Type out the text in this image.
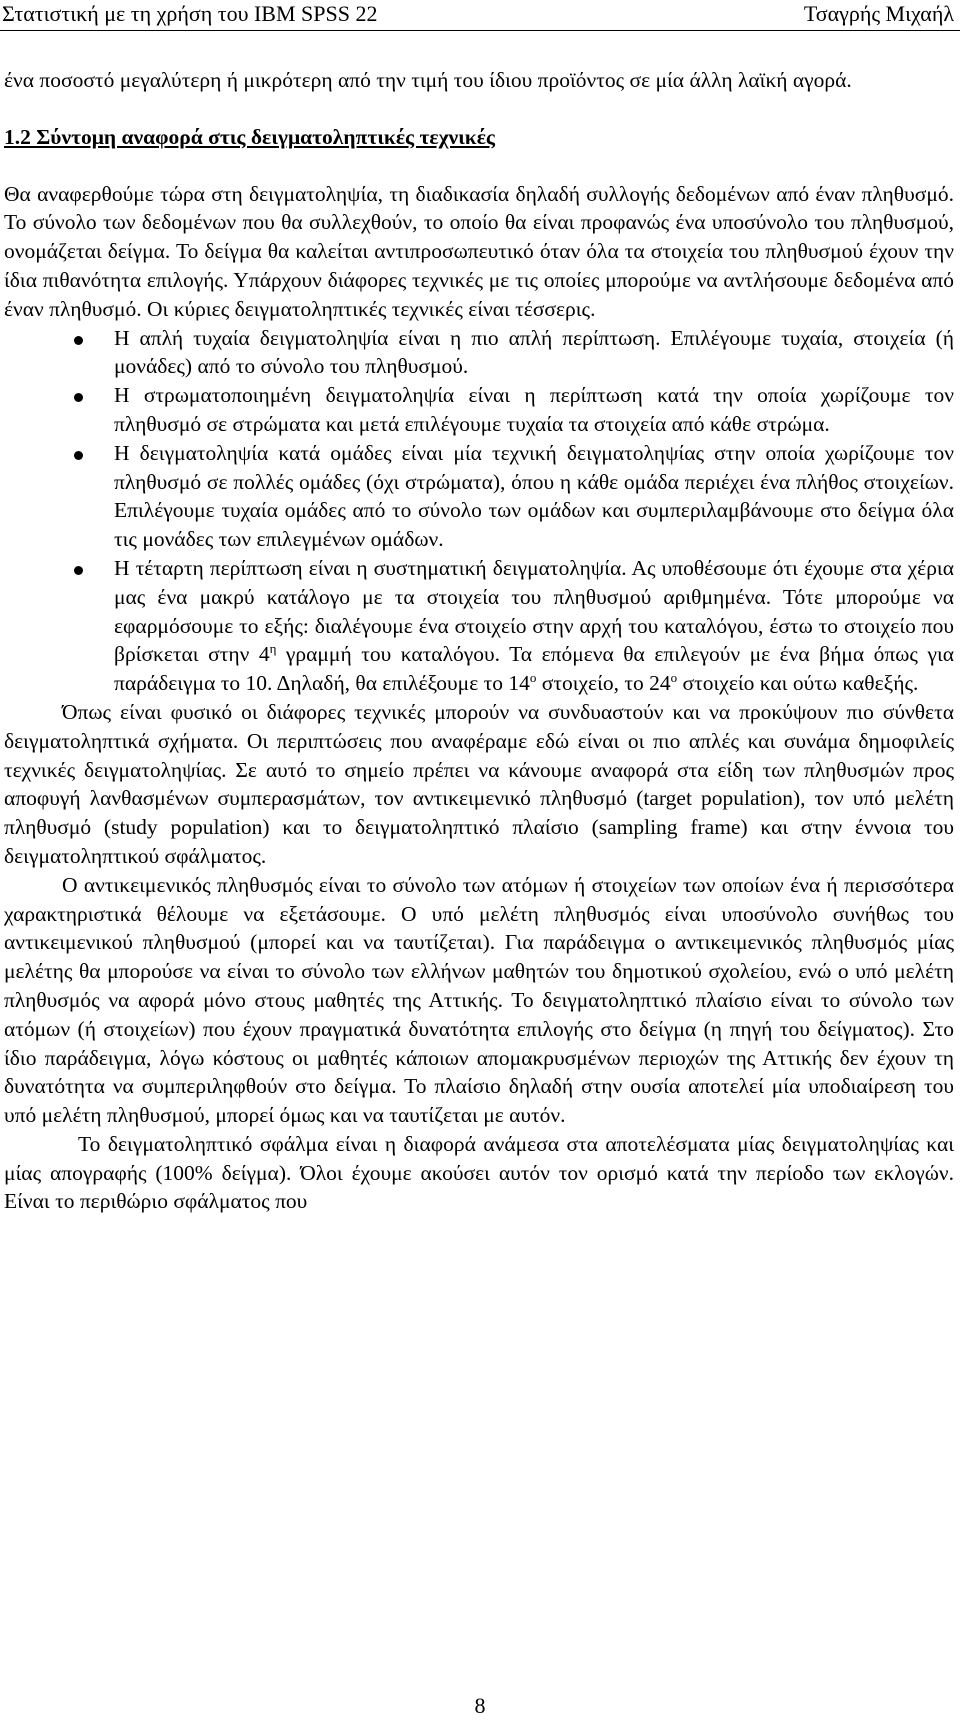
Στατιστική με τη χρήση του IBM SPSS 22	Τσαγρής Μιχαήλ

ένα ποσοστό μεγαλύτερη ή μικρότερη από την τιμή του ίδιου προϊόντος σε μία άλλη λαϊκή αγορά.

1.2 Σύντομη αναφορά στις δειγματοληπτικές τεχνικές

Θα αναφερθούμε τώρα στη δειγματοληψία, τη διαδικασία δηλαδή συλλογής δεδομένων από έναν πληθυσμό. Το σύνολο των δεδομένων που θα συλλεχθούν, το οποίο θα είναι προφανώς ένα υποσύνολο του πληθυσμού, ονομάζεται δείγμα. Το δείγμα θα καλείται αντιπροσωπευτικό όταν όλα τα στοιχεία του πληθυσμού έχουν την ίδια πιθανότητα επιλογής. Υπάρχουν διάφορες τεχνικές με τις οποίες μπορούμε να αντλήσουμε δεδομένα από έναν πληθυσμό. Οι κύριες δειγματοληπτικές τεχνικές είναι τέσσερις.

Η απλή τυχαία δειγματοληψία είναι η πιο απλή περίπτωση. Επιλέγουμε τυχαία, στοιχεία (ή μονάδες) από το σύνολο του πληθυσμού.
Η στρωματοποιημένη δειγματοληψία είναι η περίπτωση κατά την οποία χωρίζουμε τον πληθυσμό σε στρώματα και μετά επιλέγουμε τυχαία τα στοιχεία από κάθε στρώμα.
Η δειγματοληψία κατά ομάδες είναι μία τεχνική δειγματοληψίας στην οποία χωρίζουμε τον πληθυσμό σε πολλές ομάδες (όχι στρώματα), όπου η κάθε ομάδα περιέχει ένα πλήθος στοιχείων. Επιλέγουμε τυχαία ομάδες από το σύνολο των ομάδων και συμπεριλαμβάνουμε στο δείγμα όλα τις μονάδες των επιλεγμένων ομάδων.
Η τέταρτη περίπτωση είναι η συστηματική δειγματοληψία. Ας υποθέσουμε ότι έχουμε στα χέρια μας ένα μακρύ κατάλογο με τα στοιχεία του πληθυσμού αριθμημένα. Τότε μπορούμε να εφαρμόσουμε το εξής: διαλέγουμε ένα στοιχείο στην αρχή του καταλόγου, έστω το στοιχείο που βρίσκεται στην $4^\eta$ γραμμή του καταλόγου. Τα επόμενα θα επιλεγούν με ένα βήμα όπως για παράδειγμα το 10. Δηλαδή, θα επιλέξουμε το $14^o$ στοιχείο, το $24^o$ στοιχείο και ούτω καθεξής.

Όπως είναι φυσικό οι διάφορες τεχνικές μπορούν να συνδυαστούν και να προκύψουν πιο σύνθετα δειγματοληπτικά σχήματα. Οι περιπτώσεις που αναφέραμε εδώ είναι οι πιο απλές και συνάμα δημοφιλείς τεχνικές δειγματοληψίας. Σε αυτό το σημείο πρέπει να κάνουμε αναφορά στα είδη των πληθυσμών προς αποφυγή λανθασμένων συμπερασμάτων, τον αντικειμενικό πληθυσμό (target population), τον υπό μελέτη πληθυσμό (study population) και το δειγματοληπτικό πλαίσιο (sampling frame) και στην έννοια του δειγματοληπτικού σφάλματος.

Ο αντικειμενικός πληθυσμός είναι το σύνολο των ατόμων ή στοιχείων των οποίων ένα ή περισσότερα χαρακτηριστικά θέλουμε να εξετάσουμε. Ο υπό μελέτη πληθυσμός είναι υποσύνολο συνήθως του αντικειμενικού πληθυσμού (μπορεί και να ταυτίζεται). Για παράδειγμα ο αντικειμενικός πληθυσμός μίας μελέτης θα μπορούσε να είναι το σύνολο των ελλήνων μαθητών του δημοτικού σχολείου, ενώ ο υπό μελέτη πληθυσμός να αφορά μόνο στους μαθητές της Αττικής. Το δειγματοληπτικό πλαίσιο είναι το σύνολο των ατόμων (ή στοιχείων) που έχουν πραγματικά δυνατότητα επιλογής στο δείγμα (η πηγή του δείγματος). Στο ίδιο παράδειγμα, λόγω κόστους οι μαθητές κάποιων απομακρυσμένων περιοχών της Αττικής δεν έχουν τη δυνατότητα να συμπεριληφθούν στο δείγμα. Το πλαίσιο δηλαδή στην ουσία αποτελεί μία υποδιαίρεση του υπό μελέτη πληθυσμού, μπορεί όμως και να ταυτίζεται με αυτόν.

Το δειγματοληπτικό σφάλμα είναι η διαφορά ανάμεσα στα αποτελέσματα μίας δειγματοληψίας και μίας απογραφής (100% δείγμα). Όλοι έχουμε ακούσει αυτόν τον ορισμό κατά την περίοδο των εκλογών. Είναι το περιθώριο σφάλματος που

8
